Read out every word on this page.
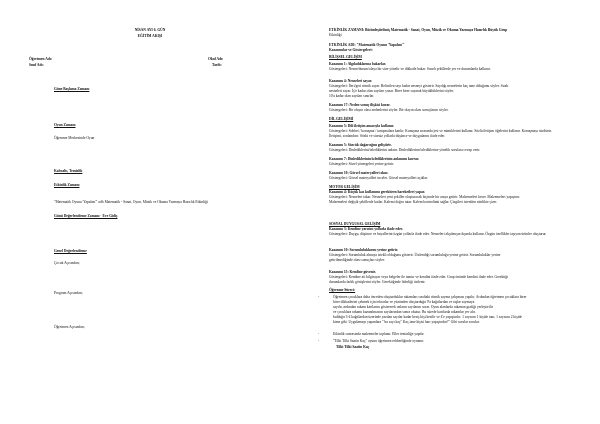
NİSAN AYI 6. GÜN
EĞİTİM AKIŞI
Öğretmen Adı:
Sınıf Adı:
Okul Adı:
Tarih:
Güne Başlama Zamanı
Oyun Zamanı
Öğrenme Merkezinde Oyun
Kahvaltı, Temizlik
Etkinlik Zamanı
"Matematik Oyunu 'Yapalım'" adlı Matematik - Sanat, Oyun, Müzik ve Okuma Yazmaya Hazırlık Etkinliği
Günü Değerlendirme Zamanı - Eve Gidiş
Genel Değerlendirme
Çocuk Açısından;
Program Açısından;
Öğretmen Açısından;
ETKİNLİK ZAMANI: Bütünleştirilmiş Matematik - Sanat, Oyun, Müzik ve Okuma Yazmaya Hazırlık Büyük Grup
Etkinliği
ETKİNLİK ADI: "Matematik Oyunu 'Yapalım'"
Kazanımlar ve Göstergeleri:
BİLİŞSEL GELİŞİM
Kazanım 1: Algıladıklarına bakarlar.
Göstergeleri: Nesne/durum/olaya bir süre yönelir ve dikkatle bakar. Sınırlı şekillerde yer ve durumlarda kalkınır.
Kazanım 4: Nesneleri sayar.
Göstergeleri: İleri/geri ritmik sayar. Belirtilen sayı kadar nesneyi gösterir. Saydığı nesnelerin kaç tane olduğunu söyler. Sıralı
nesneleri sayar. İş'e kadar olan sayıları yazar. Birer birer sayarak büyüklüklerini söyler.
10'a kadar olan sayıları sınırlar.
Kazanım 17: Neden-sonuç ilişkisi kurar.
Göstergeleri: Bir olayın olası nedenlerini söyler. Bir olayın olası sonuçlarını söyler.
DİL GELİŞİMİ
Kazanım 5: Dili iletişim amacıyla kullanır.
Göstergeleri: Sohbet / konuşma / tartışmalara katılır. Konuşma sırasında jest ve mimiklerini kullanır. Sözlü iletişim öğelerini kullanır. Konuşmayı sürdürür.
İletişimi, sonlandırır. Sözlü ve sözsüz yollarla düşünce ve duygularını ifade eder.
Kazanım 5: Sözcük dağarcığını geliştirir.
Göstergeleri: Dinlediklerini/izlediklerini anlatır. Dinlediklerine/izlediklerine yönelik sorulara cevap verir.
Kazanım 7: Dinlediklerinin/izlediklerinin anlamını kavrar.
Göstergeleri: Sözel yönergeleri yerine getirir.
Kazanım 10: Görsel materyalleri okur.
Göstergeleri: Görsel materyalleri inceler. Görsel materyalleri açıklar.
MOTOR GELİŞİM
Kazanım 4: Küçük kas kullanımı gerektiren hareketleri yapar.
Göstergeleri: Nesneleri takar. Nesneleri yeni şekiller oluşturacak biçimde bir araya getirir. Malzemeleri keser. Malzemeleri yapıştırır.
Malzemeleri değişik şekillerde katlar. Kalemi doğru tutar. Kalem kontrolünü sağlar. Çizgileri istenilen nitelikte çizer.
SOSYAL DUYGUSAL GELİŞİM
Kazanım 3: Kendine yaratıcı yollarla ifade eder.
Göstergeleri: Duygu, düşünce ve hayallerini özgün yollarla ifade eder. Nesneleri alışılmışın dışında kullanır. Özgün özellikler taşıyan ürünler oluşturur.
Kazanım 10: Sorumluluklarını yerine getirir.
Göstergeleri: Sorumluluk almaya istekli olduğunu gösterir. Üstlendiği sorumluluğu yerine getirir. Sorumluluklar yerine
getirilmediğinde olası sonuçları söyler.
Kazanım 15: Kendine güvenir.
Göstergeleri: Kendine ait bilgisayar veya belgeler ile tanıtır ve kendini ifade eder. Grup önünde kendini ifade eder. Gerektiği
durumlarda farklı görüşlerini söyler. Gerektiğinde liderliği üstlenir.
Öğrenme Süreci:
-	Öğretmen çocuklara daha önceden oluşturduklar rakamları sınıftaki ritmik sayma çalışması yapılır. Ardından öğretmen çocuklara birer
birer dikkatlerini çekmek için tekrarlar ve yüzünden oluşturduğu 9'a kağıtlardan ve taşlar saymaya
saydır, ardından rakam kartlarını göstererek onların sayılarını sorar. Oyun alanlarda rakamın grafiği yerleştirilir
ve çocuklara rakamı kazanılmasını sayılarından sonra okutur. Bu sürede kartlarda rakamlar yer alır.
bulduğu 3-4 kağıtlardan üzerinde yazılan sayılar kadar kesiş kişi kesilir ve 4'e yapıştırılır. 1 sayısını 1 kişide tanı, 1 sayısını 2 kişide
kime gibi. Uygulamayı yapanlara " bu sayı kaç" Kaç tane kişisi harı yapıştırdın?" Gibi sorular sorulur.
-	Etkinlik sonrasında malzemeler toplanır. Eller temizliğe yapılır.
-	"Tilki Tilki Saatin Kaç" oyunu öğretmen rehberliğinde oynanır.
Tilki Tilki Saatin Kaç
